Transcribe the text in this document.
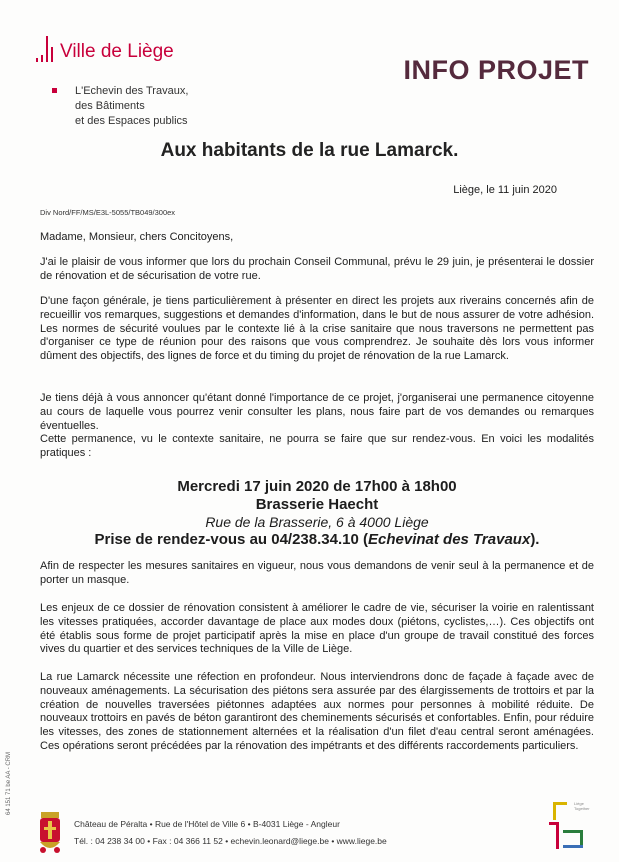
Ville de Liège
L'Echevin des Travaux,
des Bâtiments
et des Espaces publics
INFO PROJET
Aux habitants de la rue Lamarck.
Liège, le 11 juin 2020
Div Nord/FF/MS/E3L-5055/TB049/300ex
Madame, Monsieur, chers Concitoyens,

J'ai le plaisir de vous informer que lors du prochain Conseil Communal, prévu le 29 juin, je présenterai le dossier de rénovation et de sécurisation de votre rue.

D'une façon générale, je tiens particulièrement à présenter en direct les projets aux riverains concernés afin de recueillir vos remarques, suggestions et demandes d'information, dans le but de nous assurer de votre adhésion. Les normes de sécurité voulues par le contexte lié à la crise sanitaire que nous traversons ne permettent pas d'organiser ce type de réunion pour des raisons que vous comprendrez. Je souhaite dès lors vous informer dûment des objectifs, des lignes de force et du timing du projet de rénovation de la rue Lamarck.

Je tiens déjà à vous annoncer qu'étant donné l'importance de ce projet, j'organiserai une permanence citoyenne au cours de laquelle vous pourrez venir consulter les plans, nous faire part de vos demandes ou remarques éventuelles.

Cette permanence, vu le contexte sanitaire, ne pourra se faire que sur rendez-vous. En voici les modalités pratiques :

Mercredi 17 juin 2020 de 17h00 à 18h00
Brasserie Haecht
Rue de la Brasserie, 6 à 4000 Liège
Prise de rendez-vous au 04/238.34.10 (Echevinat des Travaux).

Afin de respecter les mesures sanitaires en vigueur, nous vous demandons de venir seul à la permanence et de porter un masque.

Les enjeux de ce dossier de rénovation consistent à améliorer le cadre de vie, sécuriser la voirie en ralentissant les vitesses pratiquées, accorder davantage de place aux modes doux (piétons, cyclistes,…). Ces objectifs ont été établis sous forme de projet participatif après la mise en place d'un groupe de travail constitué des forces vives du quartier et des services techniques de la Ville de Liège.

La rue Lamarck nécessite une réfection en profondeur. Nous interviendrons donc de façade à façade avec de nouveaux aménagements. La sécurisation des piétons sera assurée par des élargissements de trottoirs et par la création de nouvelles traversées piétonnes adaptées aux normes pour personnes à mobilité réduite. De nouveaux trottoirs en pavés de béton garantiront des cheminements sécurisés et confortables. Enfin, pour réduire les vitesses, des zones de stationnement alternées et la réalisation d'un filet d'eau central seront aménagées. Ces opérations seront précédées par la rénovation des impétrants et des différents raccordements particuliers.

64 151 71 be AA - CRM
Château de Péralta • Rue de l'Hôtel de Ville 6 • B-4031 Liège - Angleur
Tél. : 04 238 34 00 • Fax : 04 366 11 52 • echevin.leonard@liege.be • www.liege.be
Liège
Together
